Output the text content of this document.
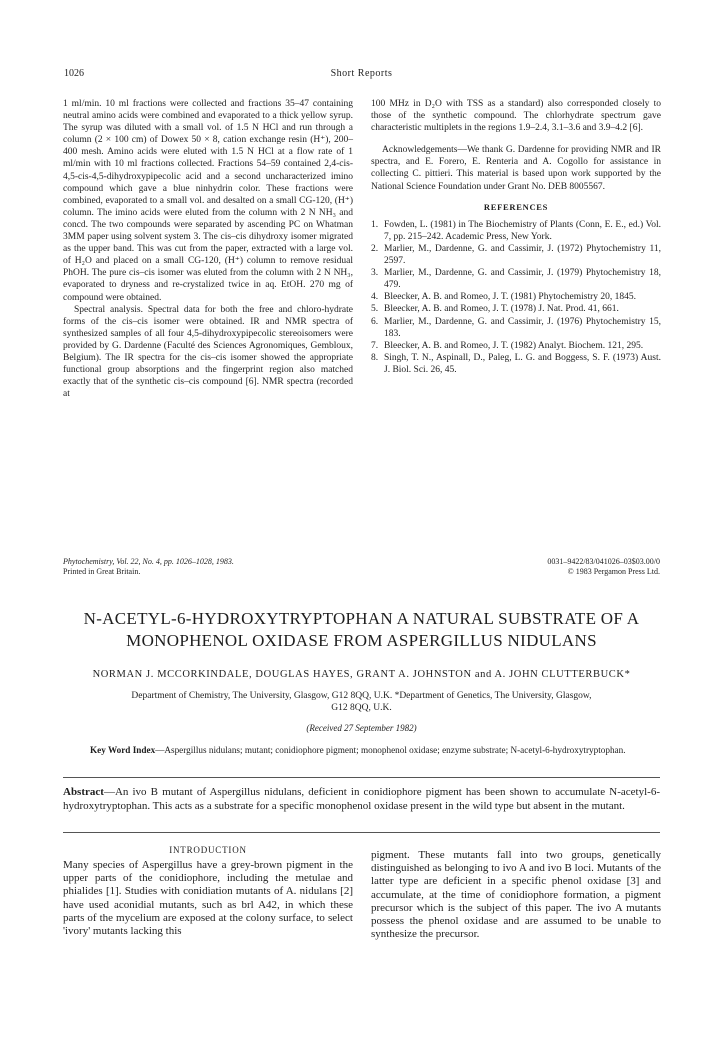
1026	Short Reports

1 ml/min. 10 ml fractions were collected and fractions 35–47 containing neutral amino acids were combined and evaporated to a thick yellow syrup. The syrup was diluted with a small vol. of 1.5 N HCl and run through a column (2 × 100 cm) of Dowex 50 × 8, cation exchange resin (H⁺), 200–400 mesh. Amino acids were eluted with 1.5 N HCl at a flow rate of 1 ml/min with 10 ml fractions collected. Fractions 54–59 contained 2,4-cis-4,5-cis-4,5-dihydroxypipecolic acid and a second uncharacterized imino compound which gave a blue ninhydrin color. These fractions were combined, evaporated to a small vol. and desalted on a small CG-120, (H⁺) column. The imino acids were eluted from the column with 2 N NH₃ and concd. The two compounds were separated by ascending PC on Whatman 3MM paper using solvent system 3. The cis–cis dihydroxy isomer migrated as the upper band. This was cut from the paper, extracted with a large vol. of H₂O and placed on a small CG-120, (H⁺) column to remove residual PhOH. The pure cis–cis isomer was eluted from the column with 2 N NH₃, evaporated to dryness and re-crystalized twice in aq. EtOH. 270 mg of compound were obtained.

Spectral analysis. Spectral data for both the free and chloro-hydrate forms of the cis–cis isomer were obtained. IR and NMR spectra of synthesized samples of all four 4,5-dihydroxypipecolic stereoisomers were provided by G. Dardenne (Faculté des Sciences Agronomiques, Gembloux, Belgium). The IR spectra for the cis–cis isomer showed the appropriate functional group absorptions and the fingerprint region also matched exactly that of the synthetic cis–cis compound [6]. NMR spectra (recorded at

100 MHz in D₂O with TSS as a standard) also corresponded closely to those of the synthetic compound. The chlorhydrate spectrum gave characteristic multiplets in the regions 1.9–2.4, 3.1–3.6 and 3.9–4.2 [6].

Acknowledgements—We thank G. Dardenne for providing NMR and IR spectra, and E. Forero, E. Renteria and A. Cogollo for assistance in collecting C. pittieri. This material is based upon work supported by the National Science Foundation under Grant No. DEB 8005567.

REFERENCES
1. Fowden, L. (1981) in The Biochemistry of Plants (Conn, E. E., ed.) Vol. 7, pp. 215–242. Academic Press, New York.
2. Marlier, M., Dardenne, G. and Cassimir, J. (1972) Phytochemistry 11, 2597.
3. Marlier, M., Dardenne, G. and Cassimir, J. (1979) Phytochemistry 18, 479.
4. Bleecker, A. B. and Romeo, J. T. (1981) Phytochemistry 20, 1845.
5. Bleecker, A. B. and Romeo, J. T. (1978) J. Nat. Prod. 41, 661.
6. Marlier, M., Dardenne, G. and Cassimir, J. (1976) Phytochemistry 15, 183.
7. Bleecker, A. B. and Romeo, J. T. (1982) Analyt. Biochem. 121, 295.
8. Singh, T. N., Aspinall, D., Paleg, L. G. and Boggess, S. F. (1973) Aust. J. Biol. Sci. 26, 45.
Phytochemistry, Vol. 22, No. 4, pp. 1026–1028, 1983.
Printed in Great Britain.
0031–9422/83/041026–03$03.00/0
© 1983 Pergamon Press Ltd.
N-ACETYL-6-HYDROXYTRYPTOPHAN A NATURAL SUBSTRATE OF A
MONOPHENOL OXIDASE FROM ASPERGILLUS NIDULANS
NORMAN J. MCCORKINDALE, DOUGLAS HAYES, GRANT A. JOHNSTON and A. JOHN CLUTTERBUCK*
Department of Chemistry, The University, Glasgow, G12 8QQ, U.K. *Department of Genetics, The University, Glasgow,
G12 8QQ, U.K.
(Received 27 September 1982)
Key Word Index—Aspergillus nidulans; mutant; conidiophore pigment; monophenol oxidase; enzyme substrate; N-acetyl-6-hydroxytryptophan.
Abstract—An ivo B mutant of Aspergillus nidulans, deficient in conidiophore pigment has been shown to accumulate N-acetyl-6-hydroxytryptophan. This acts as a substrate for a specific monophenol oxidase present in the wild type but absent in the mutant.
INTRODUCTION

Many species of Aspergillus have a grey-brown pigment in the upper parts of the conidiophore, including the metulae and phialides [1]. Studies with conidiation mutants of A. nidulans [2] have used aconidial mutants, such as brl A42, in which these parts of the mycelium are exposed at the colony surface, to select 'ivory' mutants lacking this

pigment. These mutants fall into two groups, genetically distinguished as belonging to ivo A and ivo B loci. Mutants of the latter type are deficient in a specific phenol oxidase [3] and accumulate, at the time of conidiophore formation, a pigment precursor which is the subject of this paper. The ivo A mutants possess the phenol oxidase and are assumed to be unable to synthesize the precursor.
